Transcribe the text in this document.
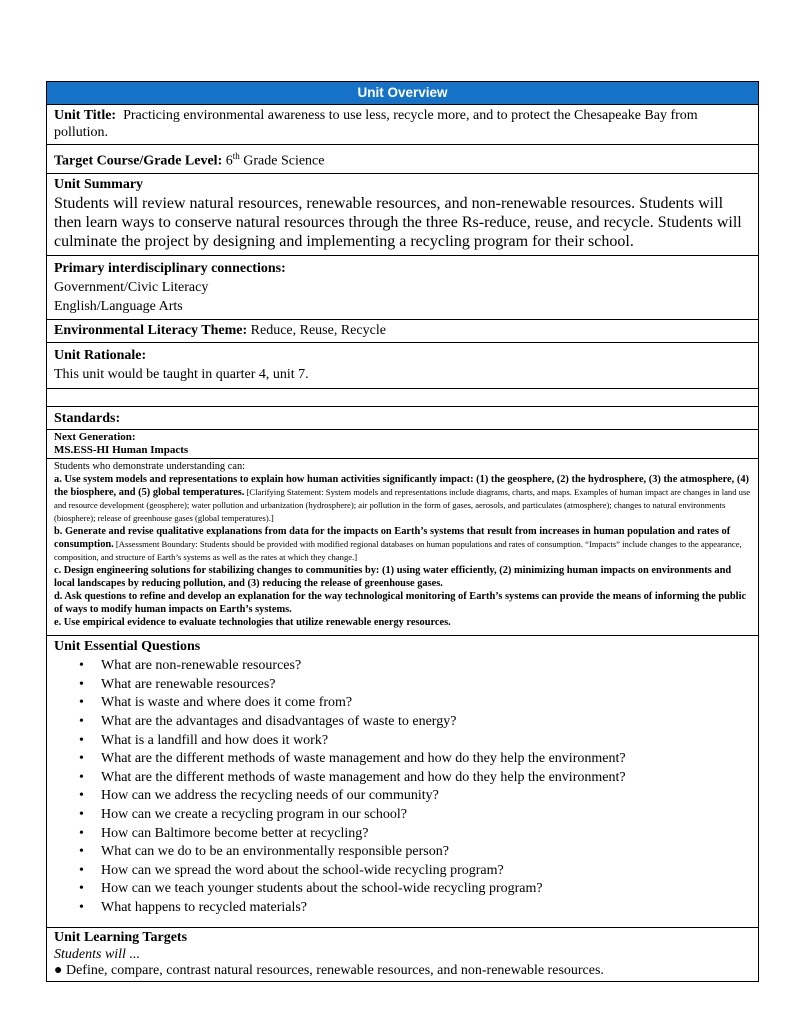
Unit Overview
Unit Title: Practicing environmental awareness to use less, recycle more, and to protect the Chesapeake Bay from pollution.
Target Course/Grade Level: 6th Grade Science
Unit Summary
Students will review natural resources, renewable resources, and non-renewable resources. Students will then learn ways to conserve natural resources through the three Rs-reduce, reuse, and recycle. Students will culminate the project by designing and implementing a recycling program for their school.
Primary interdisciplinary connections:
Government/Civic Literacy
English/Language Arts
Environmental Literacy Theme: Reduce, Reuse, Recycle
Unit Rationale:
This unit would be taught in quarter 4, unit 7.
Standards:
Next Generation:
MS.ESS-HI Human Impacts
Students who demonstrate understanding can:
a. Use system models and representations to explain how human activities significantly impact: (1) the geosphere, (2) the hydrosphere, (3) the atmosphere, (4) the biosphere, and (5) global temperatures. [Clarifying Statement: System models and representations include diagrams, charts, and maps. Examples of human impact are changes in land use and resource development (geosphere); water pollution and urbanization (hydrosphere); air pollution in the form of gases, aerosols, and particulates (atmosphere); changes to natural environments (biosphere); release of greenhouse gases (global temperatures).]
b. Generate and revise qualitative explanations from data for the impacts on Earth’s systems that result from increases in human population and rates of consumption. [Assessment Boundary: Students should be provided with modified regional databases on human populations and rates of consumption. “Impacts” include changes to the appearance, composition, and structure of Earth’s systems as well as the rates at which they change.]
c. Design engineering solutions for stabilizing changes to communities by: (1) using water efficiently, (2) minimizing human impacts on environments and local landscapes by reducing pollution, and (3) reducing the release of greenhouse gases.
d. Ask questions to refine and develop an explanation for the way technological monitoring of Earth’s systems can provide the means of informing the public of ways to modify human impacts on Earth’s systems.
e. Use empirical evidence to evaluate technologies that utilize renewable energy resources.
Unit Essential Questions
• What are non-renewable resources?
• What are renewable resources?
• What is waste and where does it come from?
• What are the advantages and disadvantages of waste to energy?
• What is a landfill and how does it work?
• What are the different methods of waste management and how do they help the environment?
• What are the different methods of waste management and how do they help the environment?
• How can we address the recycling needs of our community?
• How can we create a recycling program in our school?
• How can Baltimore become better at recycling?
• What can we do to be an environmentally responsible person?
• How can we spread the word about the school-wide recycling program?
• How can we teach younger students about the school-wide recycling program?
• What happens to recycled materials?
Unit Learning Targets
Students will ...
● Define, compare, contrast natural resources, renewable resources, and non-renewable resources.
